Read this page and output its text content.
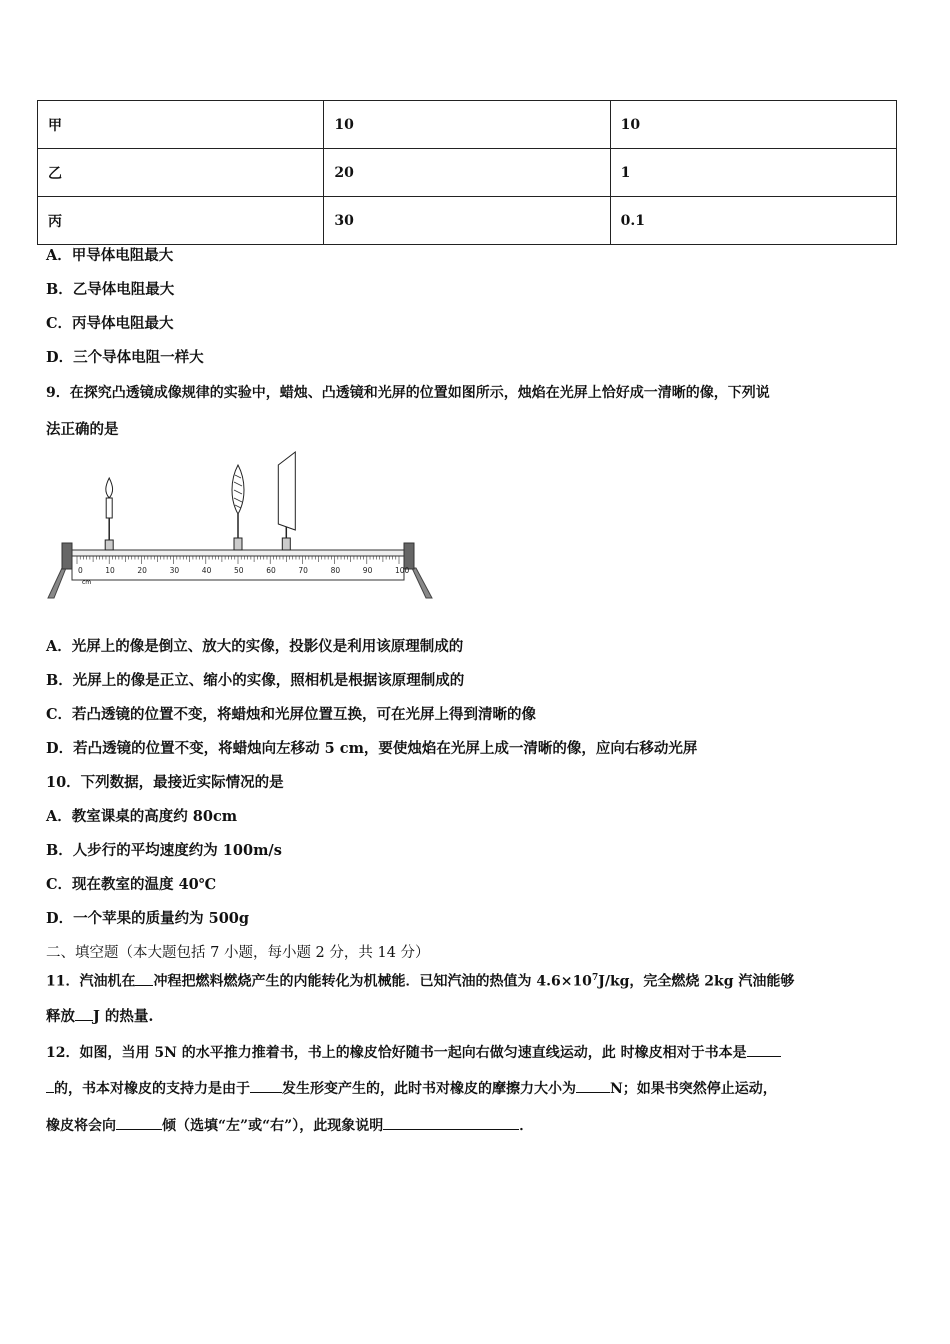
甲	10	10
乙	20	1
丙	30	0.1
A．甲导体电阻最大
B．乙导体电阻最大
C．丙导体电阻最大
D．三个导体电阻一样大
9．在探究凸透镜成像规律的实验中，蜡烛、凸透镜和光屏的位置如图所示，烛焰在光屏上恰好成一清晰的像，下列说
法正确的是
0	10	20	30	40	50	60	70	80	90	100
cm
A．光屏上的像是倒立、放大的实像，投影仪是利用该原理制成的
B．光屏上的像是正立、缩小的实像，照相机是根据该原理制成的
C．若凸透镜的位置不变，将蜡烛和光屏位置互换，可在光屏上得到清晰的像
D．若凸透镜的位置不变，将蜡烛向左移动 5 cm，要使烛焰在光屏上成一清晰的像，应向右移动光屏
10．下列数据，最接近实际情况的是
A．教室课桌的高度约 80cm
B．人步行的平均速度约为 100m/s
C．现在教室的温度 40℃
D．一个苹果的质量约为 500g
二、填空题（本大题包括 7 小题，每小题 2 分，共 14 分）
11．汽油机在 冲程把燃料燃烧产生的内能转化为机械能．已知汽油的热值为 $4.6\times 10^7J/kg$，完全燃烧 2kg 汽油能够
释放 J 的热量.
12．如图，当用 5N 的水平推力推着书，书上的橡皮恰好随书一起向右做匀速直线运动，此 时橡皮相对于书本是
的，书本对橡皮的支持力是由于 发生形变产生的，此时书对橡皮的摩擦力大小为 N；如果书突然停止运动，
橡皮将会向	倾（选填“左”或“右”），此现象说明	．
